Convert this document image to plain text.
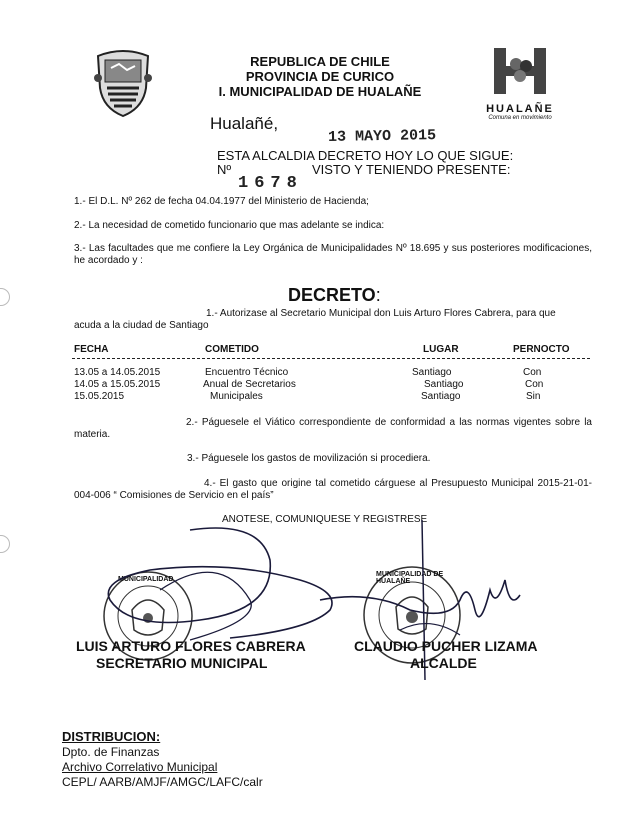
REPUBLICA DE CHILE
PROVINCIA DE CURICO
I. MUNICIPALIDAD DE HUALAÑE
HUALAÑE
Comuna en movimiento
Hualañé,
13 MAYO 2015
ESTA ALCALDIA DECRETO HOY LO QUE SIGUE:
Nº	VISTO Y TENIENDO PRESENTE:
1678
1.- El D.L. Nº 262 de fecha 04.04.1977 del Ministerio de Hacienda;
2.- La necesidad de cometido funcionario que mas adelante se indica:
3.- Las facultades que me confiere la Ley Orgánica de Municipalidades Nº 18.695 y sus posteriores modificaciones, he acordado y :
DECRETO:
1.- Autorizase al Secretario Municipal don Luis Arturo Flores Cabrera, para que
acuda a la ciudad de Santiago
FECHA	COMETIDO	LUGAR	PERNOCTO
13.05 a 14.05.2015	Encuentro Técnico	Santiago	Con
14.05 a 15.05.2015	Anual de Secretarios	Santiago	Con
15.05.2015	Municipales	Santiago	Sin
2.- Páguesele el Viático correspondiente de conformidad a las normas vigentes sobre la materia.
3.- Páguesele los gastos de movilización si procediera.
4.- El gasto que origine tal cometido cárguese al Presupuesto Municipal 2015-21-01-004-006 “ Comisiones de Servicio en el país”
ANOTESE, COMUNIQUESE Y REGISTRESE
MUNICIPALIDAD
MUNICIPALIDAD DE HUALAÑE
LUIS ARTURO FLORES CABRERA
SECRETARIO MUNICIPAL
CLAUDIO PUCHER LIZAMA
ALCALDE
DISTRIBUCION:
Dpto. de Finanzas
Archivo Correlativo Municipal
CEPL/ AARB/AMJF/AMGC/LAFC/calr
